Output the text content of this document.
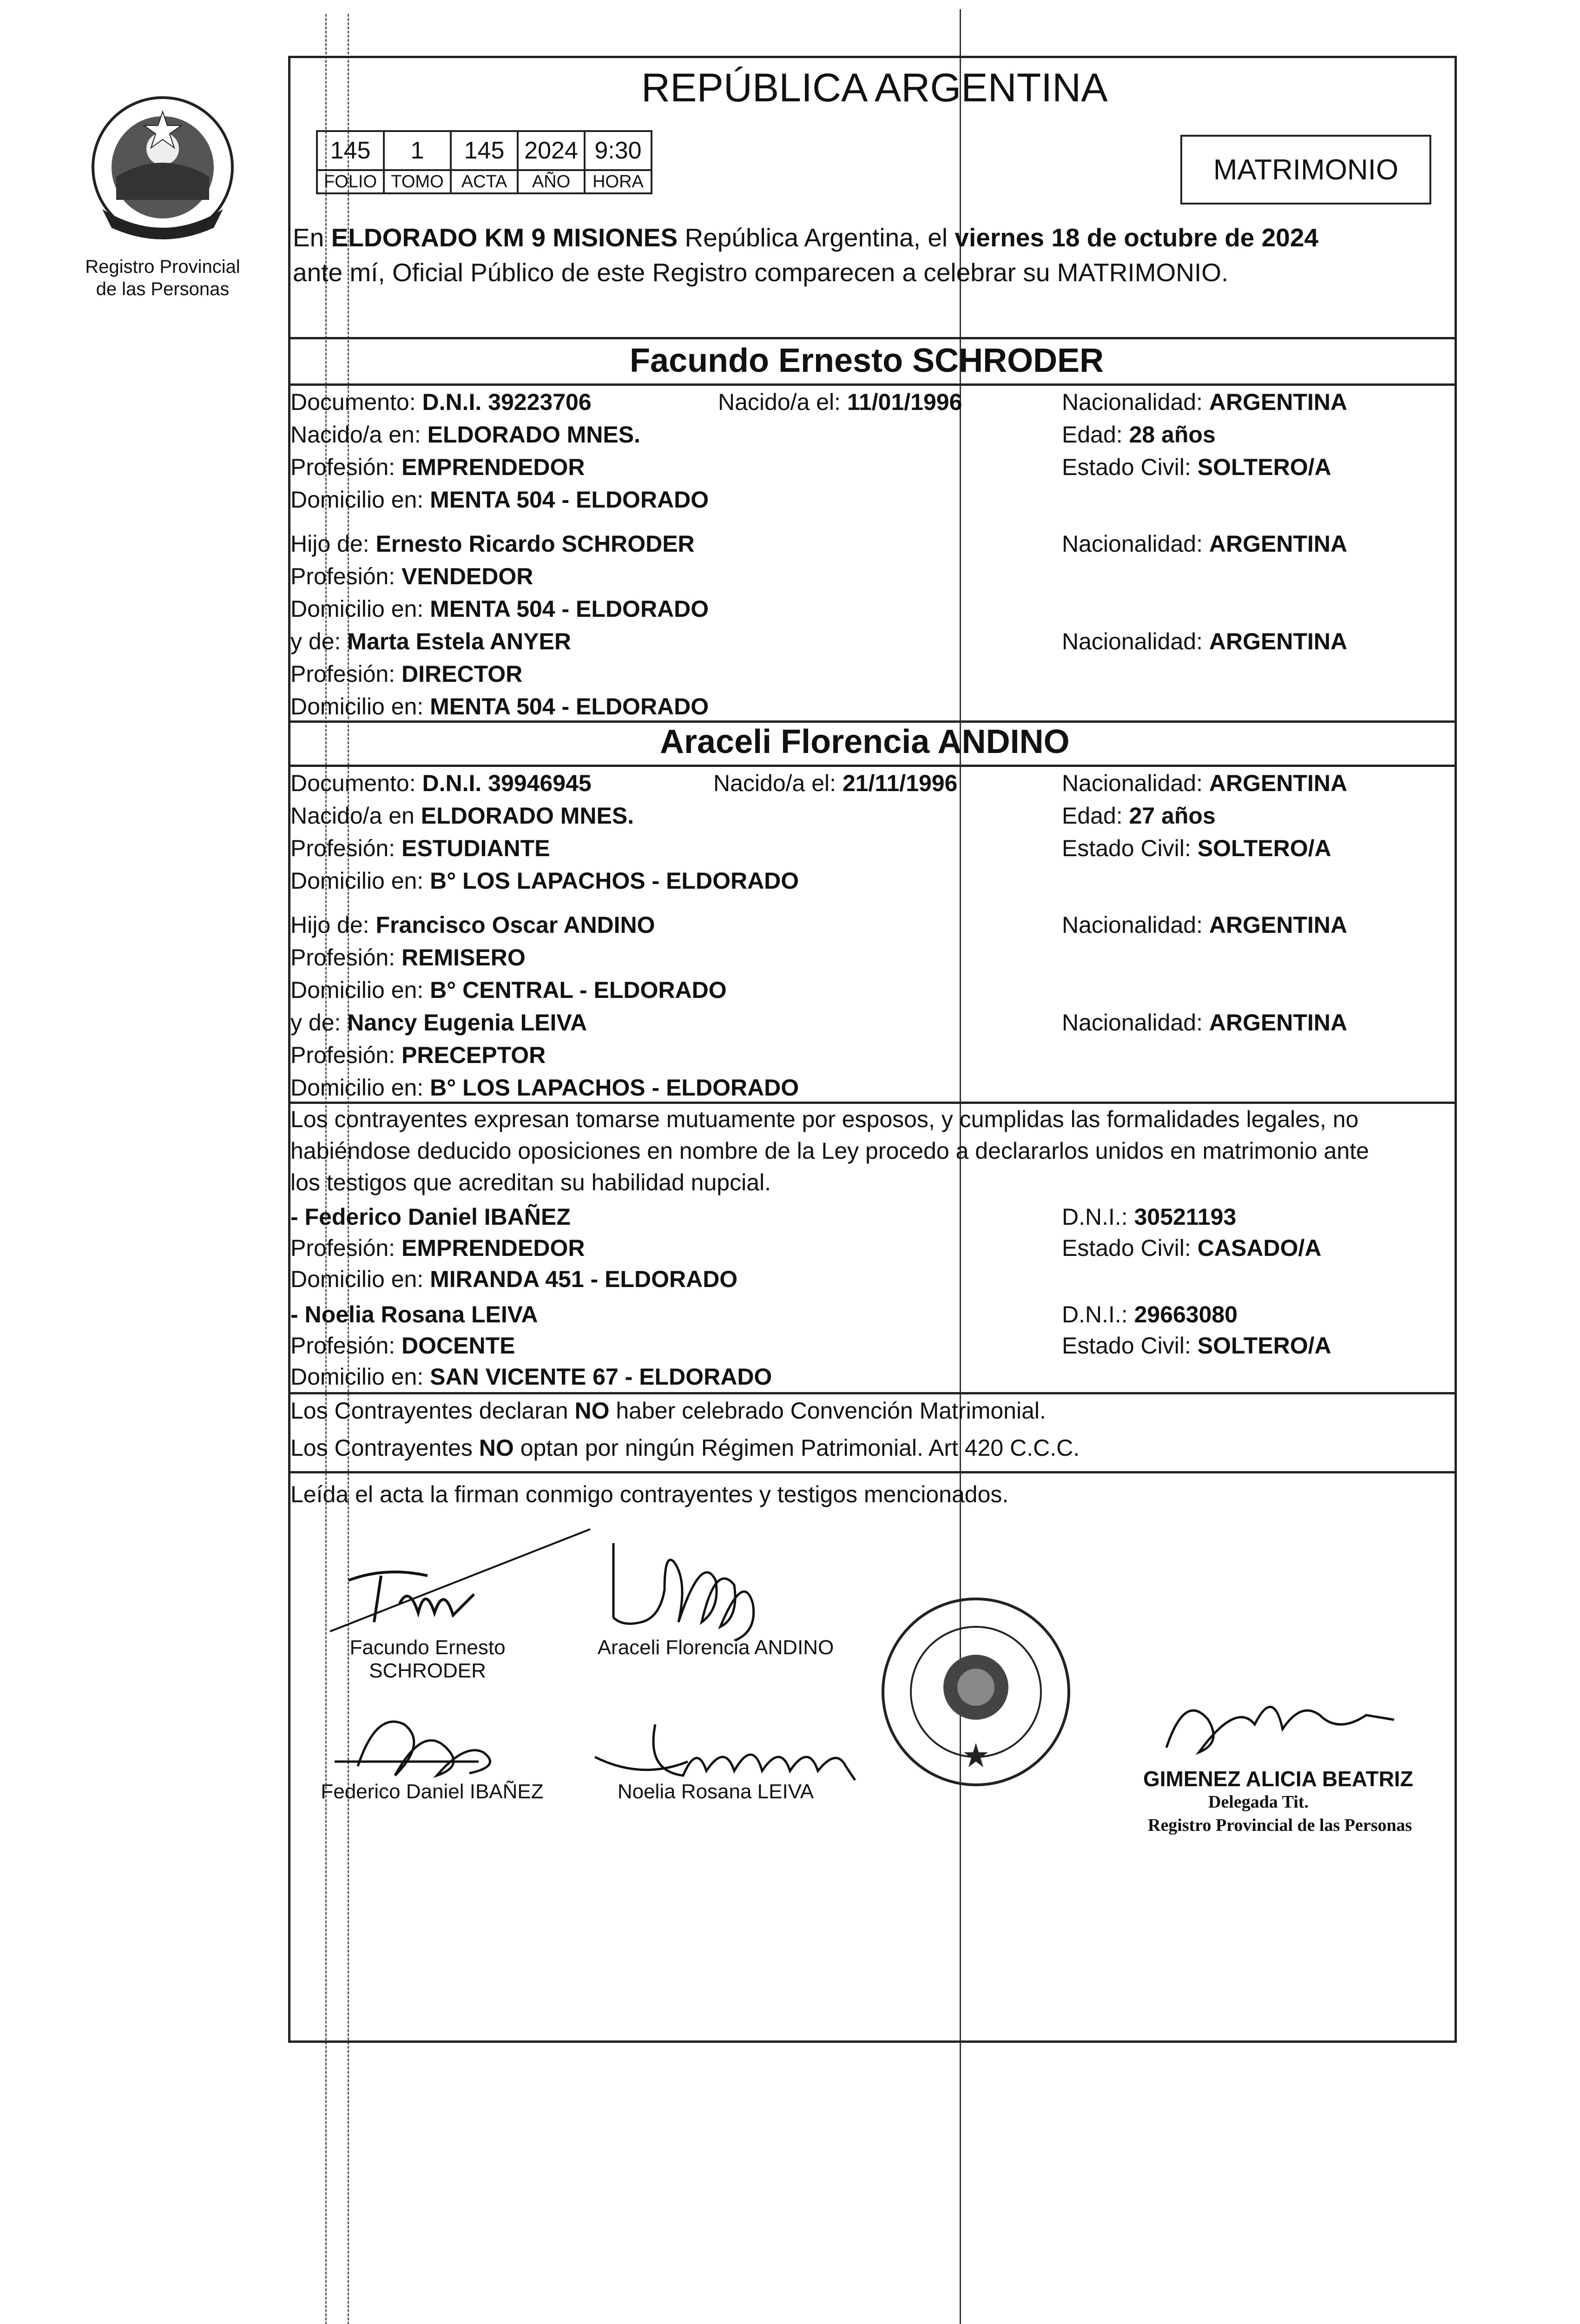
Registro Provincial
de las Personas
REPÚBLICA ARGENTINA
145	1	145	2024	9:30
FOLIO	TOMO	ACTA	AÑO	HORA	MATRIMONIO
En ELDORADO KM 9 MISIONES República Argentina, el viernes 18 de octubre de 2024
ante mí, Oficial Público de este Registro comparecen a celebrar su MATRIMONIO.
Facundo Ernesto SCHRODER
Documento: D.N.I. 39223706	Nacido/a el: 11/01/1996	Nacionalidad: ARGENTINA
Nacido/a en: ELDORADO MNES.	Edad: 28 años
Profesión: EMPRENDEDOR	Estado Civil: SOLTERO/A
Domicilio en: MENTA 504 - ELDORADO
Hijo de: Ernesto Ricardo SCHRODER	Nacionalidad: ARGENTINA
Profesión: VENDEDOR
Domicilio en: MENTA 504 - ELDORADO
y de: Marta Estela ANYER	Nacionalidad: ARGENTINA
Profesión: DIRECTOR
Domicilio en: MENTA 504 - ELDORADO
Araceli Florencia ANDINO
Documento: D.N.I. 39946945	Nacido/a el: 21/11/1996	Nacionalidad: ARGENTINA
Nacido/a en ELDORADO MNES.	Edad: 27 años
Profesión: ESTUDIANTE	Estado Civil: SOLTERO/A
Domicilio en: B° LOS LAPACHOS - ELDORADO
Hijo de: Francisco Oscar ANDINO	Nacionalidad: ARGENTINA
Profesión: REMISERO
Domicilio en: B° CENTRAL - ELDORADO
y de: Nancy Eugenia LEIVA	Nacionalidad: ARGENTINA
Profesión: PRECEPTOR
Domicilio en: B° LOS LAPACHOS - ELDORADO
Los contrayentes expresan tomarse mutuamente por esposos, y cumplidas las formalidades legales, no
habiéndose deducido oposiciones en nombre de la Ley procedo a declararlos unidos en matrimonio ante
los testigos que acreditan su habilidad nupcial.
- Federico Daniel IBAÑEZ	D.N.I.: 30521193
Profesión: EMPRENDEDOR	Estado Civil: CASADO/A
Domicilio en: MIRANDA 451 - ELDORADO
- Noelia Rosana LEIVA	D.N.I.: 29663080
Profesión: DOCENTE	Estado Civil: SOLTERO/A
Domicilio en: SAN VICENTE 67 - ELDORADO
Los Contrayentes declaran NO haber celebrado Convención Matrimonial.
Los Contrayentes NO optan por ningún Régimen Patrimonial. Art 420 C.C.C.
Leída el acta la firman conmigo contrayentes y testigos mencionados.
Facundo Ernesto
SCHRODER
Araceli Florencia ANDINO
Federico Daniel IBAÑEZ	Noelia Rosana LEIVA
GIMENEZ ALICIA BEATRIZ
Delegada Tit.
Registro Provincial de las Personas
